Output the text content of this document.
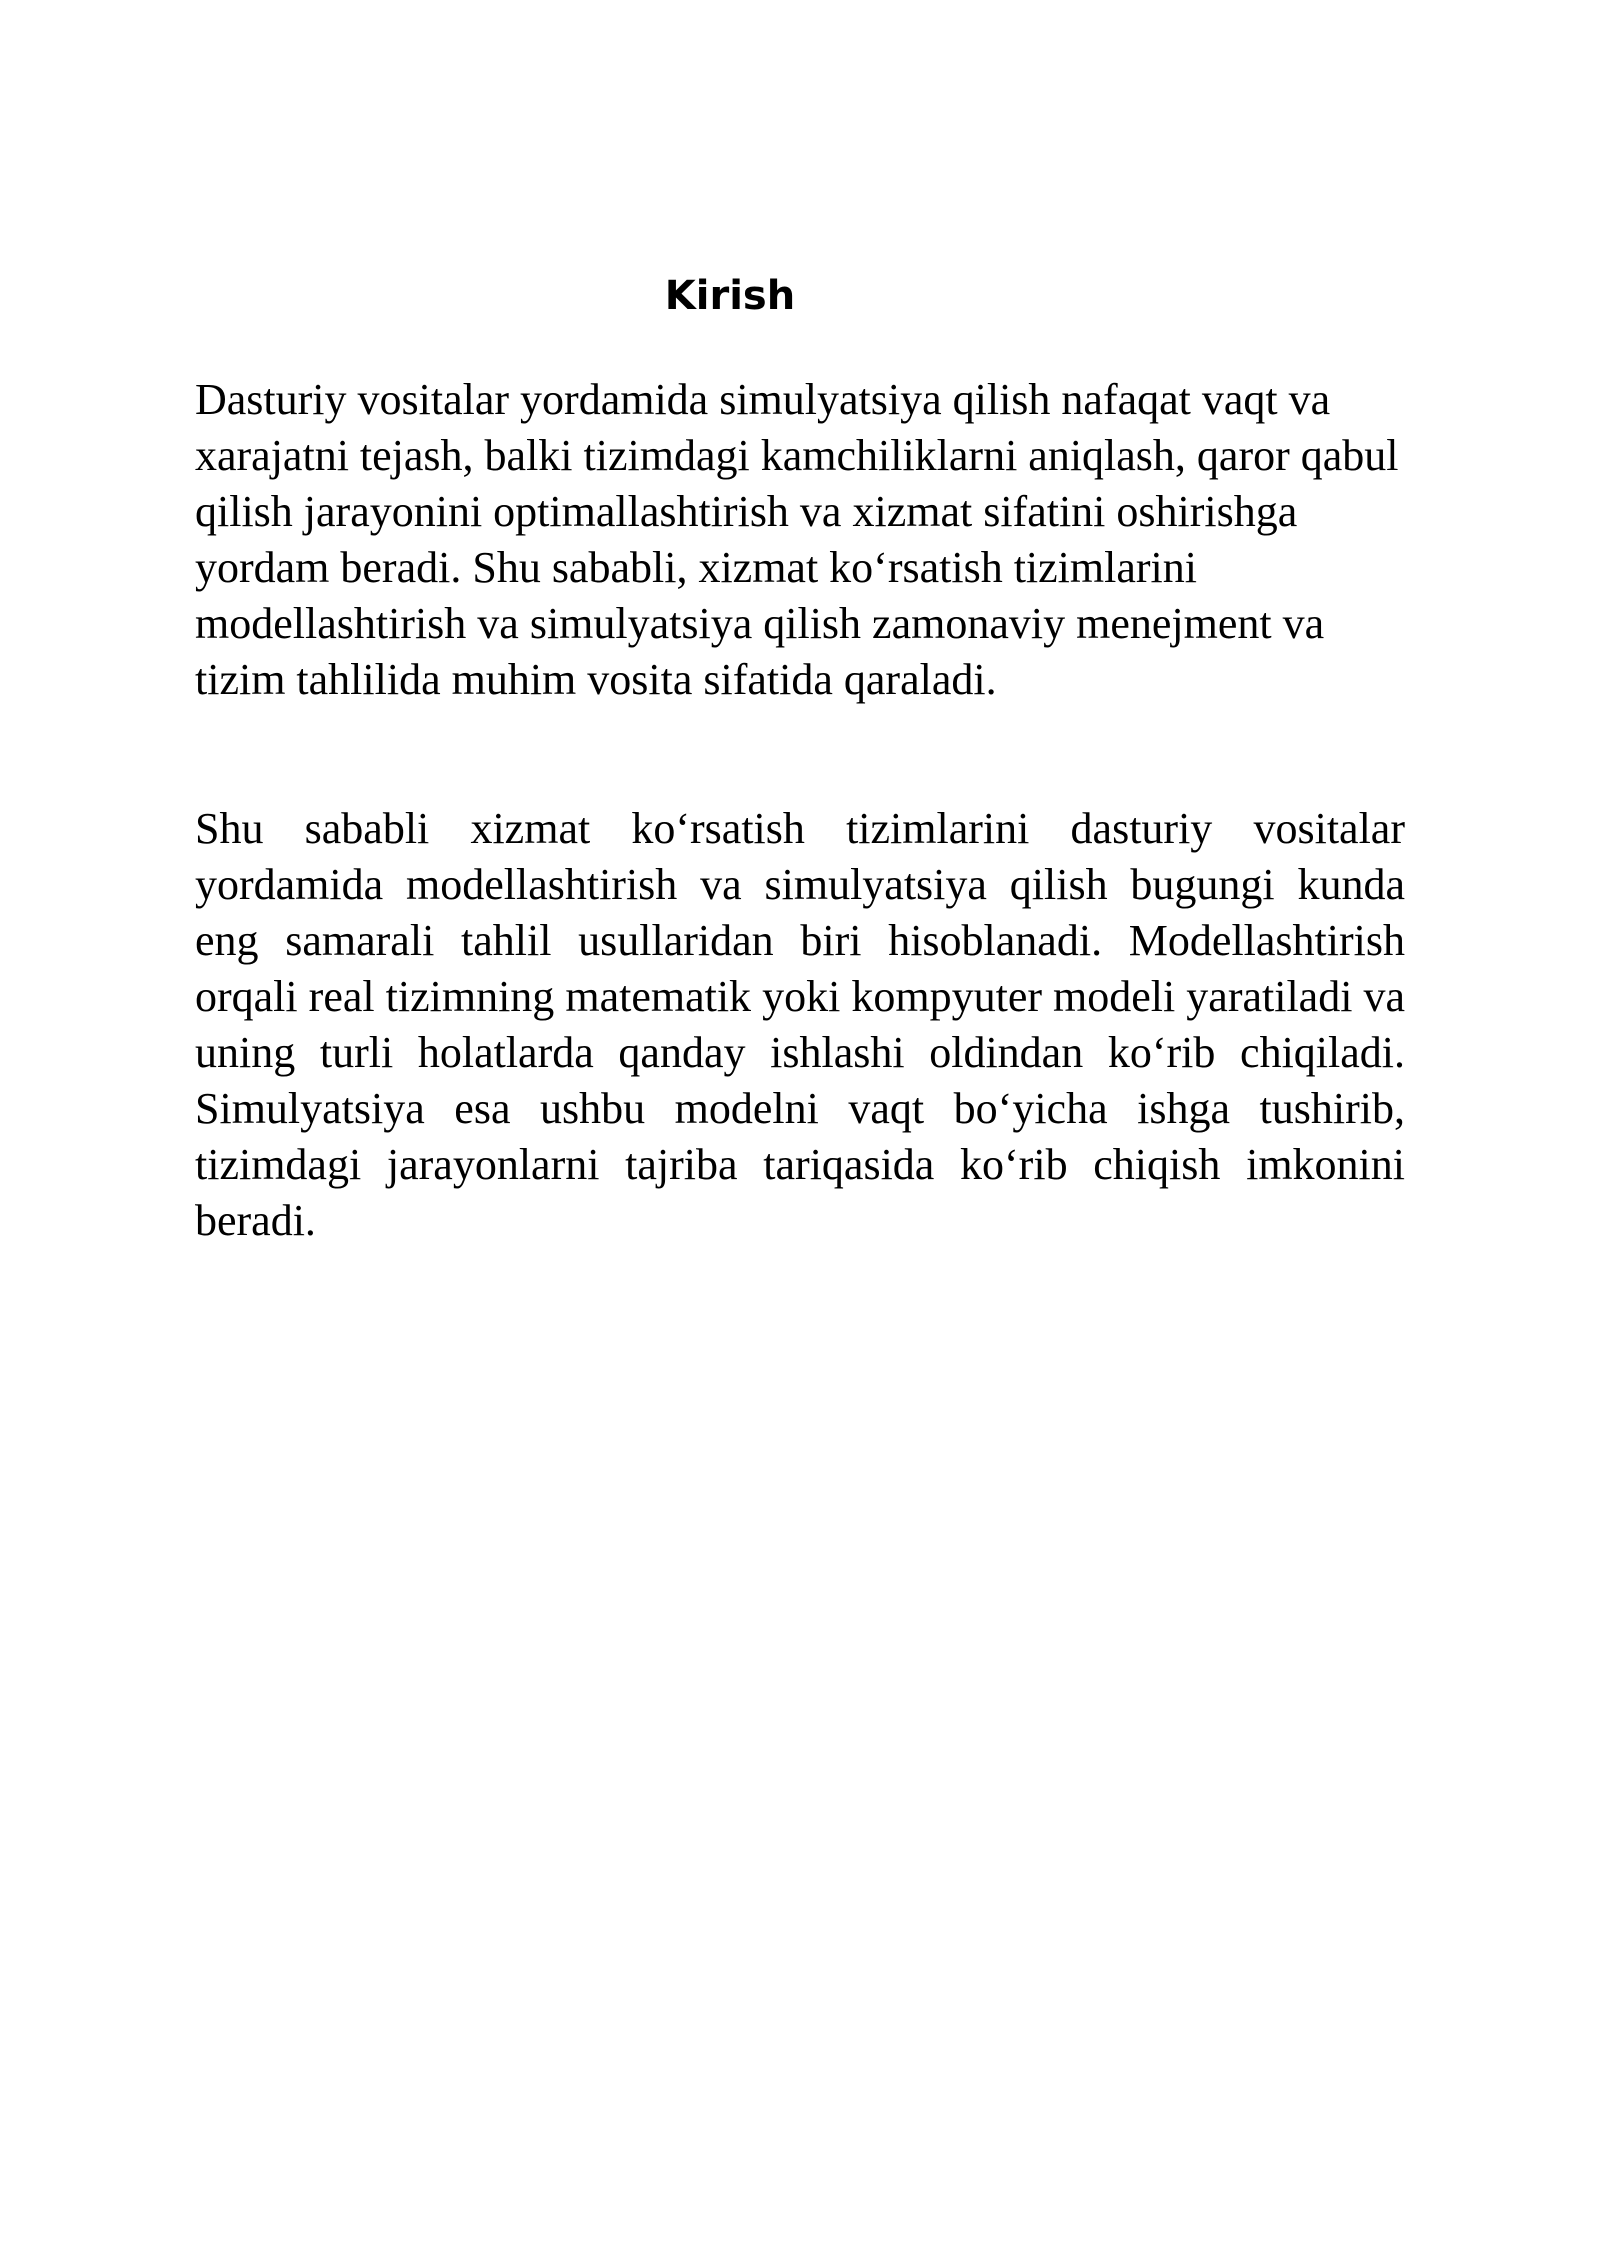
Kirish

Dasturiy vositalar yordamida simulyatsiya qilish nafaqat vaqt va xarajatni tejash, balki tizimdagi kamchiliklarni aniqlash, qaror qabul qilish jarayonini optimallashtirish va xizmat sifatini oshirishga yordam beradi. Shu sababli, xizmat ko‘rsatish tizimlarini modellashtirish va simulyatsiya qilish zamonaviy menejment va tizim tahlilida muhim vosita sifatida qaraladi.

Shu sababli xizmat ko‘rsatish tizimlarini dasturiy vositalar yordamida modellashtirish va simulyatsiya qilish bugungi kunda eng samarali tahlil usullaridan biri hisoblanadi. Modellashtirish orqali real tizimning matematik yoki kompyuter modeli yaratiladi va uning turli holatlarda qanday ishlashi oldindan ko‘rib chiqiladi. Simulyatsiya esa ushbu modelni vaqt bo‘yicha ishga tushirib, tizimdagi jarayonlarni tajriba tariqasida ko‘rib chiqish imkonini beradi.
